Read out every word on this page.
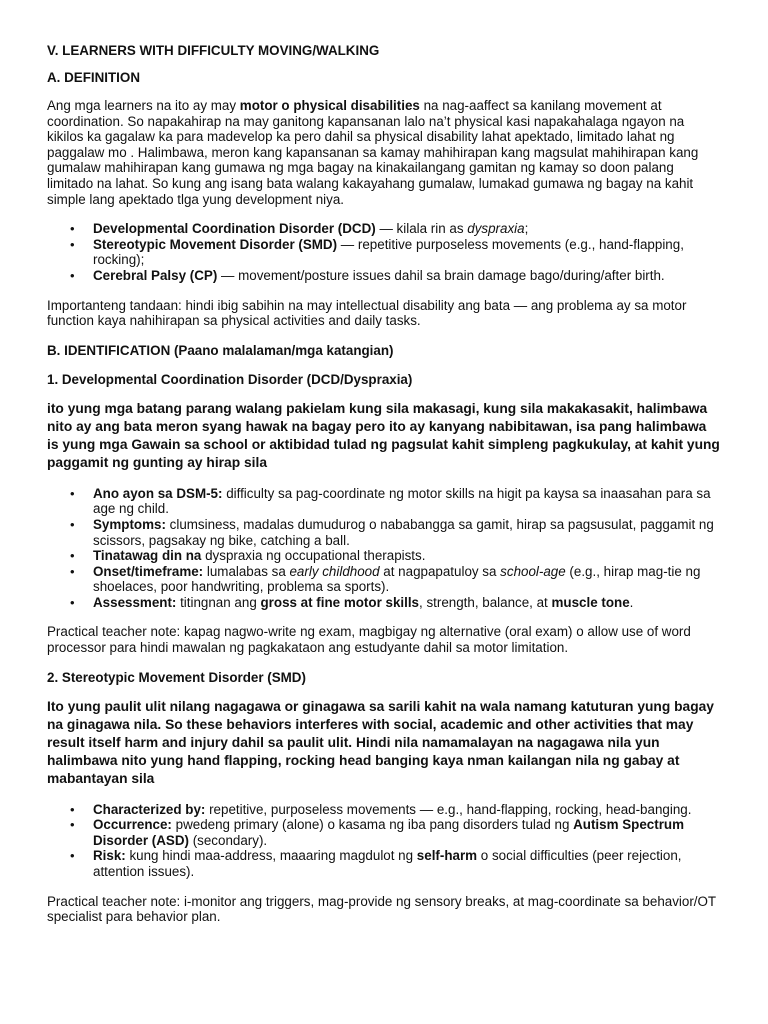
V. LEARNERS WITH DIFFICULTY MOVING/WALKING
A. DEFINITION

Ang mga learners na ito ay may motor o physical disabilities na nag-aaffect sa kanilang movement at coordination. So napakahirap na may ganitong kapansanan lalo na’t physical kasi napakahalaga ngayon na kikilos ka gagalaw ka para madevelop ka pero dahil sa physical disability lahat apektado, limitado lahat ng paggalaw mo . Halimbawa, meron kang kapansanan sa kamay mahihirapan kang magsulat mahihirapan kang gumalaw mahihirapan kang gumawa ng mga bagay na kinakailangang gamitan ng kamay so doon palang limitado na lahat. So kung ang isang bata walang kakayahang gumalaw, lumakad gumawa ng bagay na kahit simple lang apektado tlga yung development niya.

• Developmental Coordination Disorder (DCD) — kilala rin as dyspraxia;
• Stereotypic Movement Disorder (SMD) — repetitive purposeless movements (e.g., hand-flapping, rocking);
• Cerebral Palsy (CP) — movement/posture issues dahil sa brain damage bago/during/after birth.

Importanteng tandaan: hindi ibig sabihin na may intellectual disability ang bata — ang problema ay sa motor function kaya nahihirapan sa physical activities and daily tasks.

B. IDENTIFICATION (Paano malalaman/mga katangian)
1. Developmental Coordination Disorder (DCD/Dyspraxia)

ito yung mga batang parang walang pakielam kung sila makasagi, kung sila makakasakit, halimbawa nito ay ang bata meron syang hawak na bagay pero ito ay kanyang nabibitawan, isa pang halimbawa is yung mga Gawain sa school or aktibidad tulad ng pagsulat kahit simpleng pagkukulay, at kahit yung paggamit ng gunting ay hirap sila

• Ano ayon sa DSM-5: difficulty sa pag-coordinate ng motor skills na higit pa kaysa sa inaasahan para sa age ng child.
• Symptoms: clumsiness, madalas dumudurog o nababangga sa gamit, hirap sa pagsusulat, paggamit ng scissors, pagsakay ng bike, catching a ball.
• Tinatawag din na dyspraxia ng occupational therapists.
• Onset/timeframe: lumalabas sa early childhood at nagpapatuloy sa school-age (e.g., hirap mag-tie ng shoelaces, poor handwriting, problema sa sports).
• Assessment: titingnan ang gross at fine motor skills, strength, balance, at muscle tone.

Practical teacher note: kapag nagwo-write ng exam, magbigay ng alternative (oral exam) o allow use of word processor para hindi mawalan ng pagkakataon ang estudyante dahil sa motor limitation.

2. Stereotypic Movement Disorder (SMD)

Ito yung paulit ulit nilang nagagawa or ginagawa sa sarili kahit na wala namang katuturan yung bagay na ginagawa nila. So these behaviors interferes with social, academic and other activities that may result itself harm and injury dahil sa paulit ulit. Hindi nila namamalayan na nagagawa nila yun halimbawa nito yung hand flapping, rocking head banging kaya nman kailangan nila ng gabay at mabantayan sila

• Characterized by: repetitive, purposeless movements — e.g., hand-flapping, rocking, head-banging.
• Occurrence: pwedeng primary (alone) o kasama ng iba pang disorders tulad ng Autism Spectrum Disorder (ASD) (secondary).
• Risk: kung hindi maa-address, maaaring magdulot ng self-harm o social difficulties (peer rejection, attention issues).

Practical teacher note: i-monitor ang triggers, mag-provide ng sensory breaks, at mag-coordinate sa behavior/OT specialist para behavior plan.
